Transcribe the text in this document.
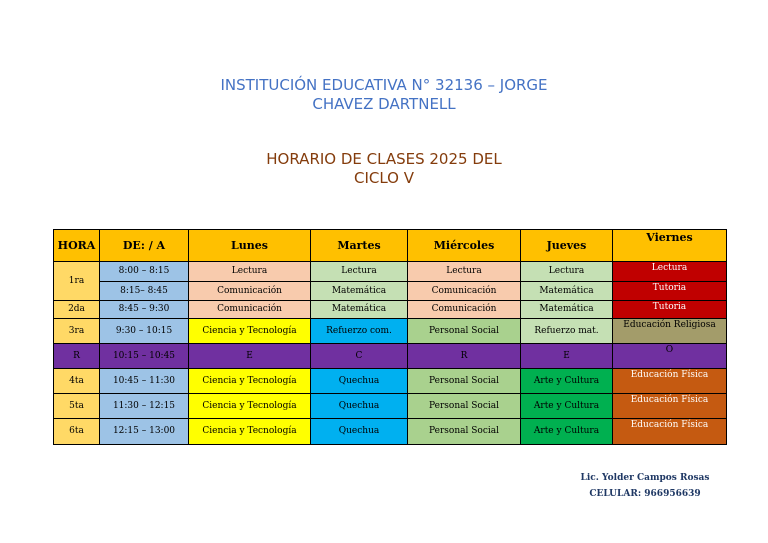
INSTITUCIÓN EDUCATIVA N° 32136 – JORGE
CHAVEZ DARTNELL
HORARIO DE CLASES 2025 DEL
CICLO V
HORA	DE: / A	Lunes	Martes	Miércoles	Jueves	Viernes
1ra	8:00 – 8:15	Lectura	Lectura	Lectura	Lectura	Lectura
	8:15– 8:45	Comunicación	Matemática	Comunicación	Matemática	Tutoria
2da	8:45 – 9:30	Comunicación	Matemática	Comunicación	Matemática	Tutoria
3ra	9:30 – 10:15	Ciencia y Tecnología	Refuerzo com.	Personal Social	Refuerzo mat.	Educación Religiosa
R	10:15 – 10:45	E	C	R	E	O
4ta	10:45 – 11:30	Ciencia y Tecnología	Quechua	Personal Social	Arte y Cultura	Educación Física
5ta	11:30 – 12:15	Ciencia y Tecnología	Quechua	Personal Social	Arte y Cultura	Educación Física
6ta	12:15 – 13:00	Ciencia y Tecnología	Quechua	Personal Social	Arte y Cultura	Educación Física
Lic. Yolder Campos Rosas
CELULAR: 966956639
